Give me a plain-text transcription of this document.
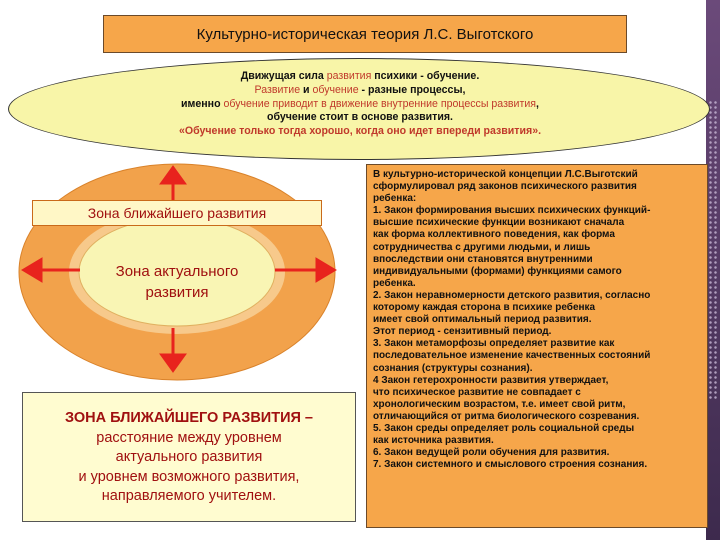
Культурно-историческая теория Л.С. Выготского
Движущая сила развития психики - обучение.
Развитие и обучение - разные процессы,
именно обучение приводит в движение внутренние процессы развития,
обучение стоит в основе развития.
«Обучение только тогда хорошо, когда оно идет впереди развития».
Зона ближайшего развития
Зона актуального
развития
ЗОНА БЛИЖАЙШЕГО РАЗВИТИЯ –
расстояние между уровнем
актуального развития
и уровнем возможного развития,
направляемого учителем.
В культурно-исторической концепции Л.С.Выготский
сформулировал ряд законов психического развития
ребенка:
1. Закон формирования высших психических функций-
высшие психические функции возникают сначала
как форма коллективного поведения, как форма
сотрудничества с другими людьми, и лишь
впоследствии они становятся внутренними
индивидуальными (формами) функциями самого
ребенка.
2. Закон неравномерности детского развития, согласно
которому каждая сторона в психике ребенка
имеет свой оптимальный период развития.
Этот период - сензитивный период.
3. Закон метаморфозы определяет развитие как
последовательное изменение качественных состояний
сознания (структуры сознания).
4 Закон гетерохронности развития утверждает,
что психическое развитие не совпадает с
хронологическим возрастом, т.е. имеет свой ритм,
отличающийся от ритма биологического созревания.
5. Закон среды определяет роль социальной среды
как источника развития.
6. Закон ведущей роли обучения для развития.
7. Закон системного и смыслового строения сознания.
